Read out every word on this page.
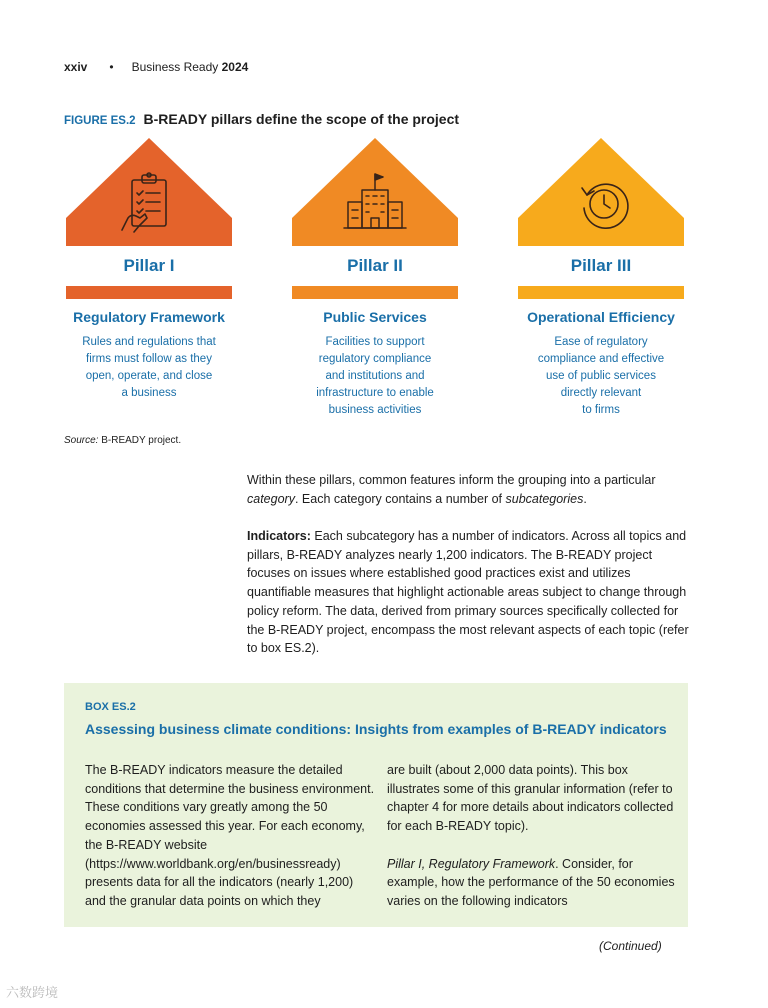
xxiv • Business Ready 2024
FIGURE ES.2 B-READY pillars define the scope of the project
Pillar I
Regulatory Framework
Rules and regulations that
firms must follow as they
open, operate, and close
a business
Pillar II
Public Services
Facilities to support
regulatory compliance
and institutions and
infrastructure to enable
business activities
Pillar III
Operational Efficiency
Ease of regulatory
compliance and effective
use of public services
directly relevant
to firms
Source: B-READY project.
Within these pillars, common features inform the grouping into a particular category. Each category contains a number of subcategories.
Indicators: Each subcategory has a number of indicators. Across all topics and pillars, B-READY analyzes nearly 1,200 indicators. The B-READY project focuses on issues where established good practices exist and utilizes quantifiable measures that highlight actionable areas subject to change through policy reform. The data, derived from primary sources specifically collected for the B-READY project, encompass the most relevant aspects of each topic (refer to box ES.2).
BOX ES.2
Assessing business climate conditions: Insights from examples of B-READY indicators
The B-READY indicators measure the detailed conditions that determine the business environment. These conditions vary greatly among the 50 economies assessed this year. For each economy, the B-READY website (https://www.worldbank.org/en/businessready) presents data for all the indicators (nearly 1,200) and the granular data points on which they
are built (about 2,000 data points). This box illustrates some of this granular information (refer to chapter 4 for more details about indicators collected for each B-READY topic).
Pillar I, Regulatory Framework. Consider, for example, how the performance of the 50 economies varies on the following indicators
(Continued)
六数跨境
